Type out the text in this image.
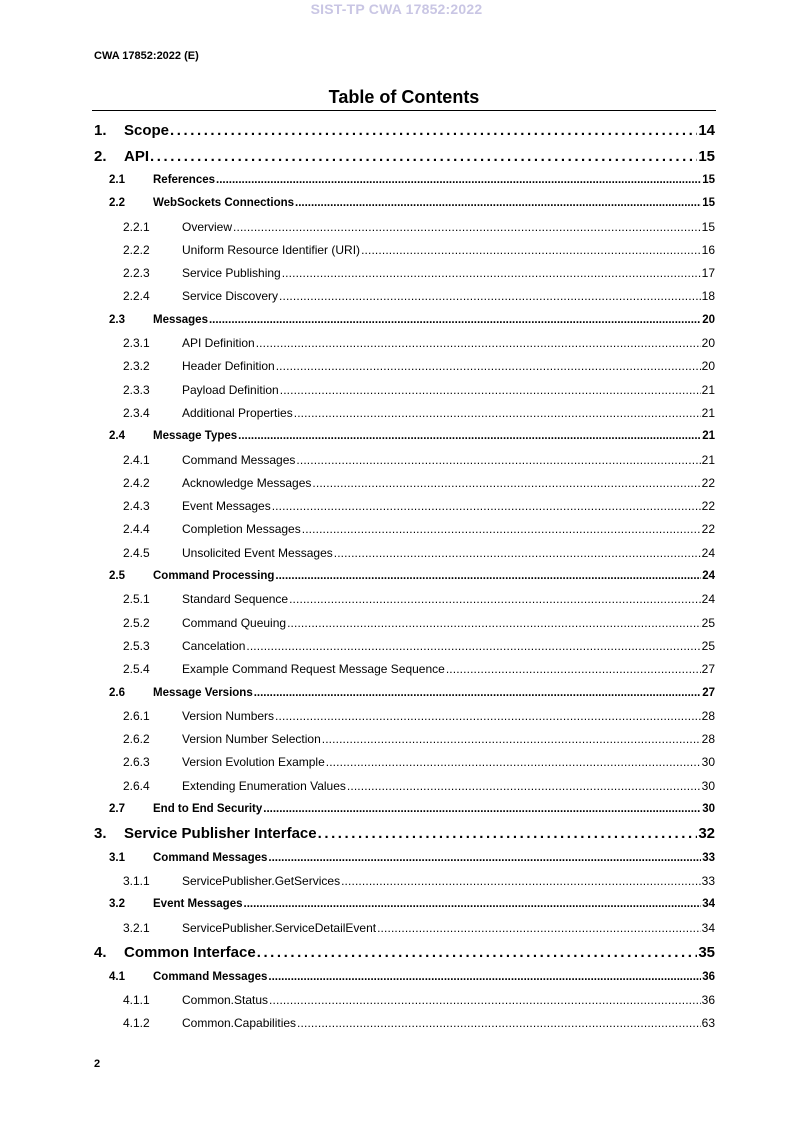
SIST-TP CWA 17852:2022
CWA 17852:2022 (E)
Table of Contents
1.	Scope . . .	14
2.	API . . .	15
2.1	References . . .	15
2.2	WebSockets Connections . . .	15
2.2.1	Overview . . .	15
2.2.2	Uniform Resource Identifier (URI) . . .	16
2.2.3	Service Publishing . . .	17
2.2.4	Service Discovery . . .	18
2.3	Messages . . .	20
2.3.1	API Definition . . .	20
2.3.2	Header Definition . . .	20
2.3.3	Payload Definition . . .	21
2.3.4	Additional Properties . . .	21
2.4	Message Types . . .	21
2.4.1	Command Messages . . .	21
2.4.2	Acknowledge Messages . . .	22
2.4.3	Event Messages . . .	22
2.4.4	Completion Messages . . .	22
2.4.5	Unsolicited Event Messages . . .	24
2.5	Command Processing . . .	24
2.5.1	Standard Sequence . . .	24
2.5.2	Command Queuing . . .	25
2.5.3	Cancelation . . .	25
2.5.4	Example Command Request Message Sequence . . .	27
2.6	Message Versions . . .	27
2.6.1	Version Numbers . . .	28
2.6.2	Version Number Selection . . .	28
2.6.3	Version Evolution Example . . .	30
2.6.4	Extending Enumeration Values . . .	30
2.7	End to End Security . . .	30
3.	Service Publisher Interface . . .	32
3.1	Command Messages . . .	33
3.1.1	ServicePublisher.GetServices . . .	33
3.2	Event Messages . . .	34
3.2.1	ServicePublisher.ServiceDetailEvent . . .	34
4.	Common Interface . . .	35
4.1	Command Messages . . .	36
4.1.1	Common.Status . . .	36
4.1.2	Common.Capabilities . . .	63
2
